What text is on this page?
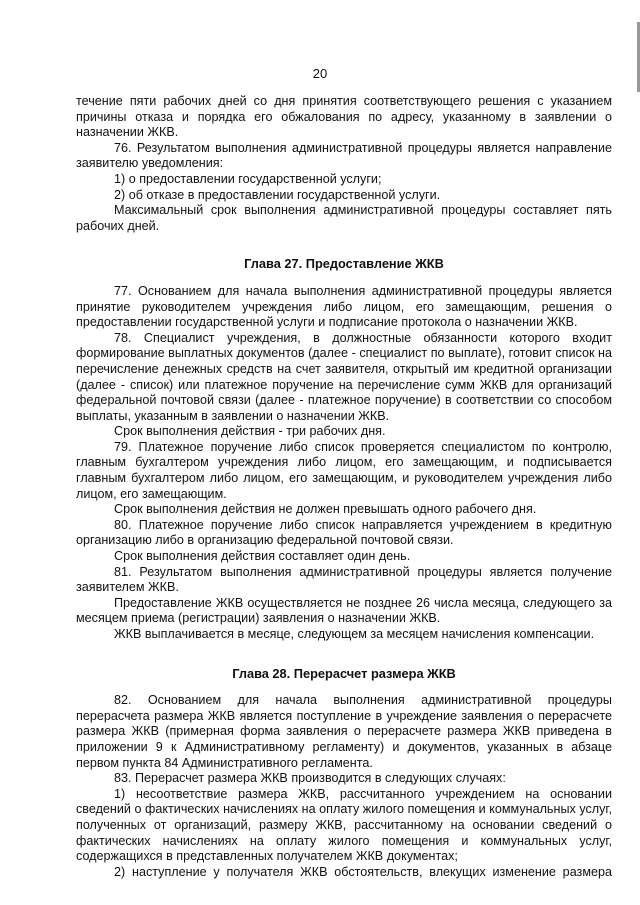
20

течение пяти рабочих дней со дня принятия соответствующего решения с указанием причины отказа и порядка его обжалования по адресу, указанному в заявлении о назначении ЖКВ.

76. Результатом выполнения административной процедуры является направление заявителю уведомления:

1) о предоставлении государственной услуги;

2) об отказе в предоставлении государственной услуги.

Максимальный срок выполнения административной процедуры составляет пять рабочих дней.

Глава 27. Предоставление ЖКВ

77. Основанием для начала выполнения административной процедуры является принятие руководителем учреждения либо лицом, его замещающим, решения о предоставлении государственной услуги и подписание протокола о назначении ЖКВ.

78. Специалист учреждения, в должностные обязанности которого входит формирование выплатных документов (далее - специалист по выплате), готовит список на перечисление денежных средств на счет заявителя, открытый им кредитной организации (далее - список) или платежное поручение на перечисление сумм ЖКВ для организаций федеральной почтовой связи (далее - платежное поручение) в соответствии со способом выплаты, указанным в заявлении о назначении ЖКВ.

Срок выполнения действия - три рабочих дня.

79. Платежное поручение либо список проверяется специалистом по контролю, главным бухгалтером учреждения либо лицом, его замещающим, и подписывается главным бухгалтером либо лицом, его замещающим, и руководителем учреждения либо лицом, его замещающим.

Срок выполнения действия не должен превышать одного рабочего дня.

80. Платежное поручение либо список направляется учреждением в кредитную организацию либо в организацию федеральной почтовой связи.

Срок выполнения действия составляет один день.

81. Результатом выполнения административной процедуры является получение заявителем ЖКВ.

Предоставление ЖКВ осуществляется не позднее 26 числа месяца, следующего за месяцем приема (регистрации) заявления о назначении ЖКВ.

ЖКВ выплачивается в месяце, следующем за месяцем начисления компенсации.

Глава 28. Перерасчет размера ЖКВ

82. Основанием для начала выполнения административной процедуры перерасчета размера ЖКВ является поступление в учреждение заявления о перерасчете размера ЖКВ (примерная форма заявления о перерасчете размера ЖКВ приведена в приложении 9 к Административному регламенту) и документов, указанных в абзаце первом пункта 84 Административного регламента.

83. Перерасчет размера ЖКВ производится в следующих случаях:

1) несоответствие размера ЖКВ, рассчитанного учреждением на основании сведений о фактических начислениях на оплату жилого помещения и коммунальных услуг, полученных от организаций, размеру ЖКВ, рассчитанному на основании сведений о фактических начислениях на оплату жилого помещения и коммунальных услуг, содержащихся в представленных получателем ЖКВ документах;

2) наступление у получателя ЖКВ обстоятельств, влекущих изменение размера
